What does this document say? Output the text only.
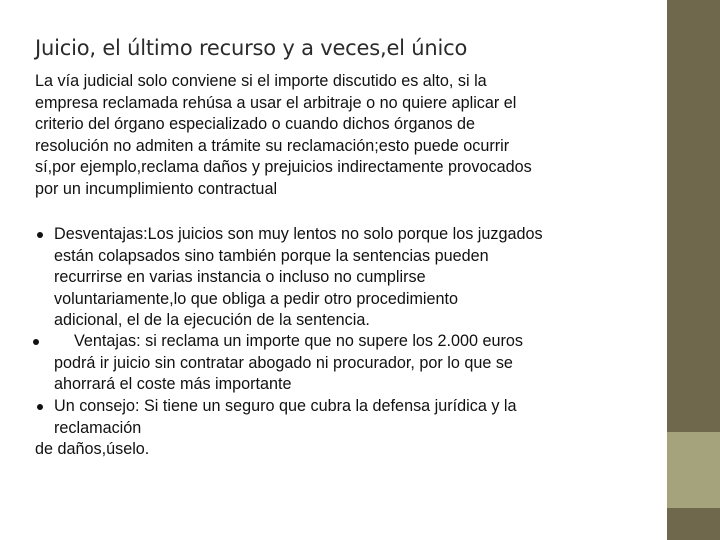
Juicio, el último recurso y a veces,el único
La vía judicial solo conviene si el importe discutido es alto, si la
empresa reclamada rehúsa a usar el arbitraje o no quiere aplicar el
criterio del órgano especializado o cuando dichos órganos de
resolución no admiten a trámite su reclamación;esto puede ocurrir
sí,por ejemplo,reclama daños y prejuicios indirectamente provocados
por un incumplimiento contractual
Desventajas:Los juicios son muy lentos no solo porque los juzgados
están colapsados sino también porque la sentencias pueden
recurrirse en varias instancia o incluso no cumplirse
voluntariamente,lo que obliga a pedir otro procedimiento
adicional, el de la ejecución de la sentencia.
Ventajas: si reclama un importe que no supere los 2.000 euros
podrá ir juicio sin contratar abogado ni procurador, por lo que se
ahorrará el coste más importante
Un consejo: Si tiene un seguro que cubra la defensa jurídica y la
reclamación
de daños,úselo.
